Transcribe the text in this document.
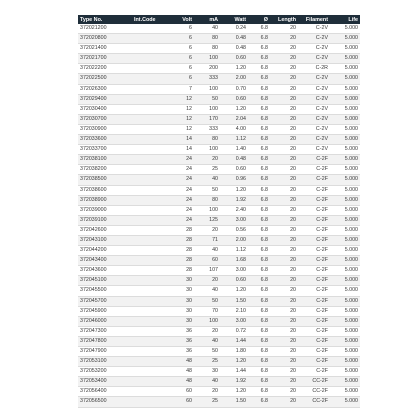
Type No.	Int.Code	Volt	mA	Watt	Ø	Length	Filament	Life
372021200		6	40	0.24	6.8	20	C-2V	5.000
372020800		6	80	0.48	6.8	20	C-2V	5.000
372021400		6	80	0.48	6.8	20	C-2V	5.000
372021700		6	100	0.60	6.8	20	C-2V	5.000
372022200		6	200	1.20	6.8	20	C-2R	5.000
372022500		6	333	2.00	6.8	20	C-2V	5.000
372026300		7	100	0.70	6.8	20	C-2V	5.000
372029400		12	50	0.60	6.8	20	C-2V	5.000
372030400		12	100	1.20	6.8	20	C-2V	5.000
372030700		12	170	2.04	6.8	20	C-2V	5.000
372030900		12	333	4.00	6.8	20	C-2V	5.000
372033600		14	80	1.12	6.8	20	C-2V	5.000
372033700		14	100	1.40	6.8	20	C-2V	5.000
372038100		24	20	0.48	6.8	20	C-2F	5.000
372038200		24	25	0.60	6.8	20	C-2F	5.000
372038500		24	40	0.96	6.8	20	C-2F	5.000
372038600		24	50	1.20	6.8	20	C-2F	5.000
372038900		24	80	1.92	6.8	20	C-2F	5.000
372039000		24	100	2.40	6.8	20	C-2F	5.000
372039100		24	125	3.00	6.8	20	C-2F	5.000
372042600		28	20	0.56	6.8	20	C-2F	5.000
372043100		28	71	2.00	6.8	20	C-2F	5.000
372044200		28	40	1.12	6.8	20	C-2F	5.000
372043400		28	60	1.68	6.8	20	C-2F	5.000
372043600		28	107	3.00	6.8	20	C-2F	5.000
372045100		30	20	0.60	6.8	20	C-2F	5.000
372045500		30	40	1.20	6.8	20	C-2F	5.000
372045700		30	50	1.50	6.8	20	C-2F	5.000
372045900		30	70	2.10	6.8	20	C-2F	5.000
372046000		30	100	3.00	6.8	20	C-2F	5.000
372047300		36	20	0.72	6.8	20	C-2F	5.000
372047800		36	40	1.44	6.8	20	C-2F	5.000
372047900		36	50	1.80	6.8	20	C-2F	5.000
372053100		48	25	1.20	6.8	20	C-2F	5.000
372053200		48	30	1.44	6.8	20	C-2F	5.000
372053400		48	40	1.92	6.8	20	CC-2F	5.000
372056400		60	20	1.20	6.8	20	CC-2F	5.000
372056500		60	25	1.50	6.8	20	CC-2F	5.000
